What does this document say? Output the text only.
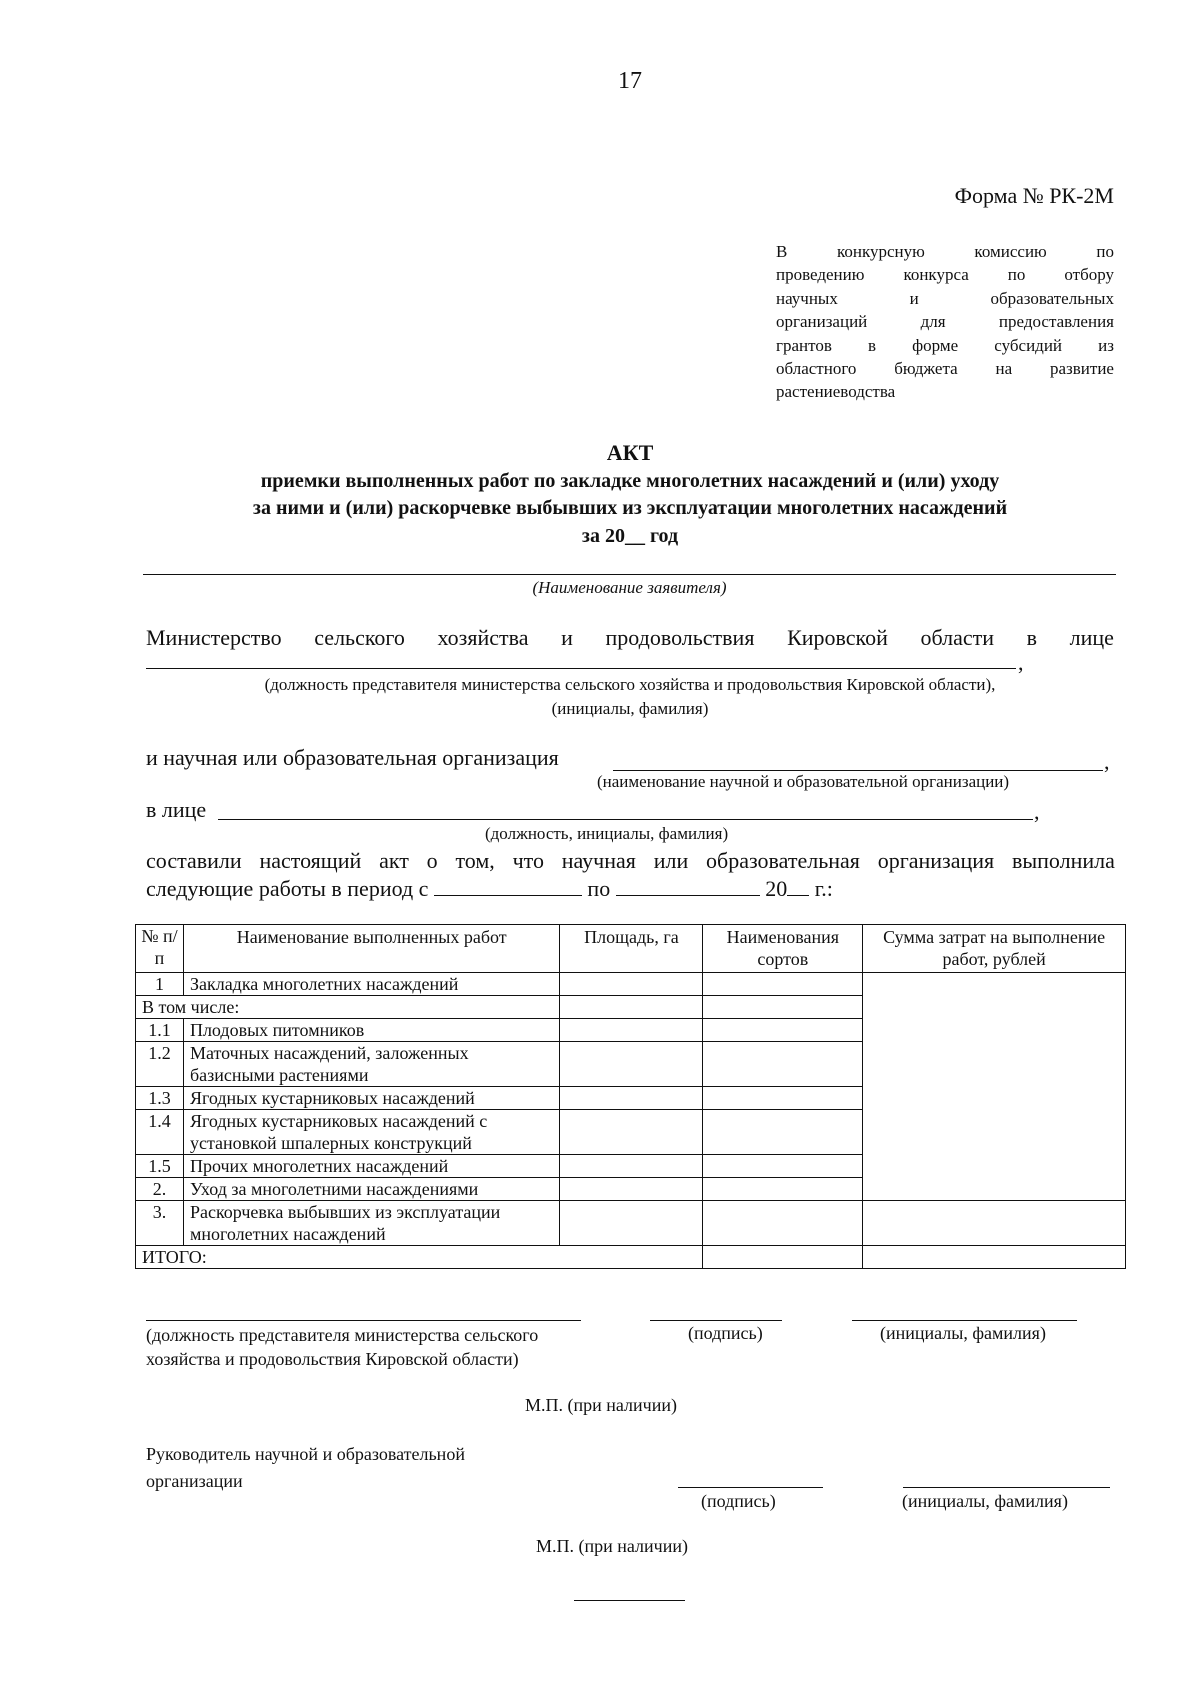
17
Форма № РК-2М
В	конкурсную	комиссию	по
проведению конкурса по отбору
научных	и	образовательных
организаций	для	предоставления
грантов в форме субсидий из
областного бюджета на развитие
растениеводства
АКТ
приемки выполненных работ по закладке многолетних насаждений и (или) уходу
за ними и (или) раскорчевке выбывших из эксплуатации многолетних насаждений
за 20__ год
(Наименование заявителя)
Министерство сельского хозяйства и продовольствия Кировской области в лице
,
(должность представителя министерства сельского хозяйства и продовольствия Кировской области),
(инициалы, фамилия)
и научная или образовательная организация	,
(наименование научной и образовательной организации)
в лице	,
(должность, инициалы, фамилия)
составили настоящий акт о том, что научная или образовательная организация выполнила
следующие работы в период с	по	20 г.:
№ п/п	Наименование выполненных работ	Площадь, га	Наименования сортов	Сумма затрат на выполнение работ, рублей
1	Закладка многолетних насаждений			
В том числе:				
1.1	Плодовых питомников			
1.2	Маточных насаждений, заложенных базисными растениями			
1.3	Ягодных кустарниковых насаждений			
1.4	Ягодных кустарниковых насаждений с установкой шпалерных конструкций			
1.5	Прочих многолетних насаждений			
2.	Уход за многолетними насаждениями			
3.	Раскорчевка выбывших из эксплуатации многолетних насаждений			
ИТОГО:				
(должность представителя министерства сельского хозяйства и продовольствия Кировской области)
(подпись)	(инициалы, фамилия)
М.П. (при наличии)
Руководитель научной и образовательной организации
(подпись)	(инициалы, фамилия)
М.П. (при наличии)
